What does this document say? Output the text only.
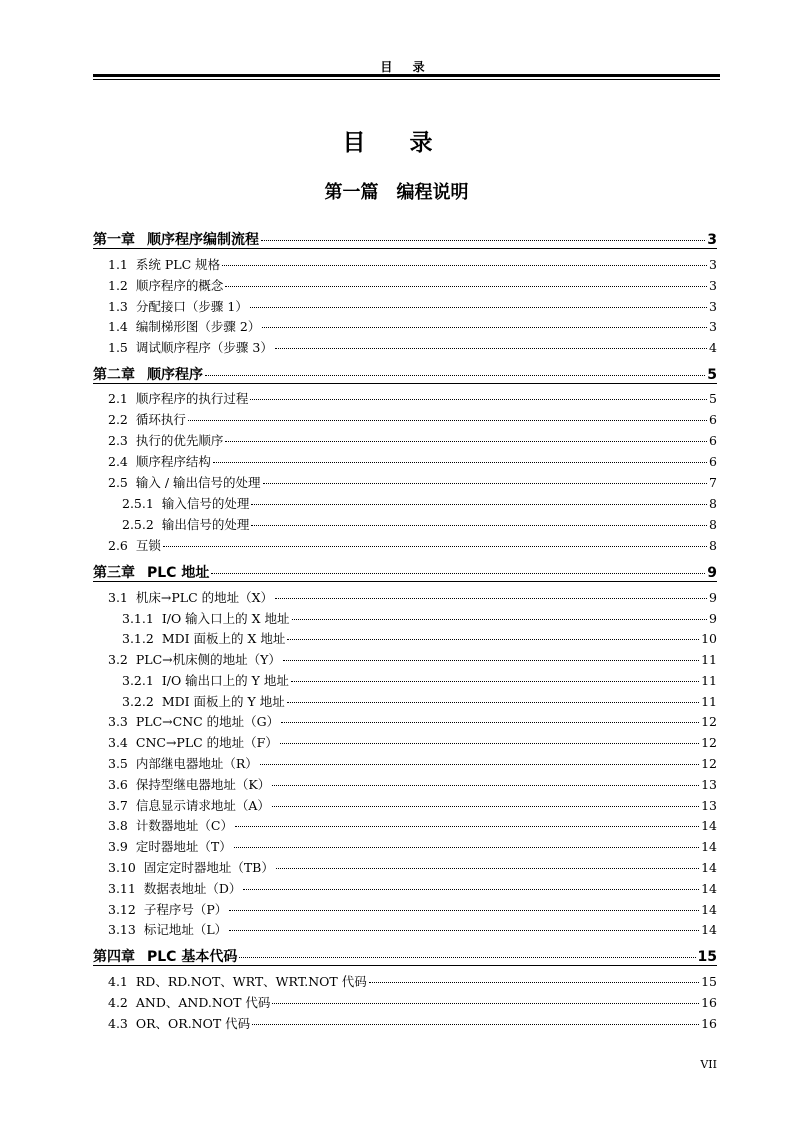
目 录
目 录
第一篇　编程说明
第一章 顺序程序编制流程	3
1.1 系统 PLC 规格	3
1.2 顺序程序的概念	3
1.3 分配接口（步骤 1）	3
1.4 编制梯形图（步骤 2）	3
1.5 调试顺序程序（步骤 3）	4
第二章 顺序程序	5
2.1 顺序程序的执行过程	5
2.2 循环执行	6
2.3 执行的优先顺序	6
2.4 顺序程序结构	6
2.5 输入 / 输出信号的处理	7
2.5.1 输入信号的处理	8
2.5.2 输出信号的处理	8
2.6 互锁	8
第三章 PLC 地址	9
3.1 机床→PLC 的地址（X）	9
3.1.1 I/O 输入口上的 X 地址	9
3.1.2 MDI 面板上的 X 地址	10
3.2 PLC→机床侧的地址（Y）	11
3.2.1 I/O 输出口上的 Y 地址	11
3.2.2 MDI 面板上的 Y 地址	11
3.3 PLC→CNC 的地址（G）	12
3.4 CNC→PLC 的地址（F）	12
3.5 内部继电器地址（R）	12
3.6 保持型继电器地址（K）	13
3.7 信息显示请求地址（A）	13
3.8 计数器地址（C）	14
3.9 定时器地址（T）	14
3.10 固定定时器地址（TB）	14
3.11 数据表地址（D）	14
3.12 子程序号（P）	14
3.13 标记地址（L）	14
第四章 PLC 基本代码	15
4.1 RD、RD.NOT、WRT、WRT.NOT 代码	15
4.2 AND、AND.NOT 代码	16
4.3 OR、OR.NOT 代码	16
VII
